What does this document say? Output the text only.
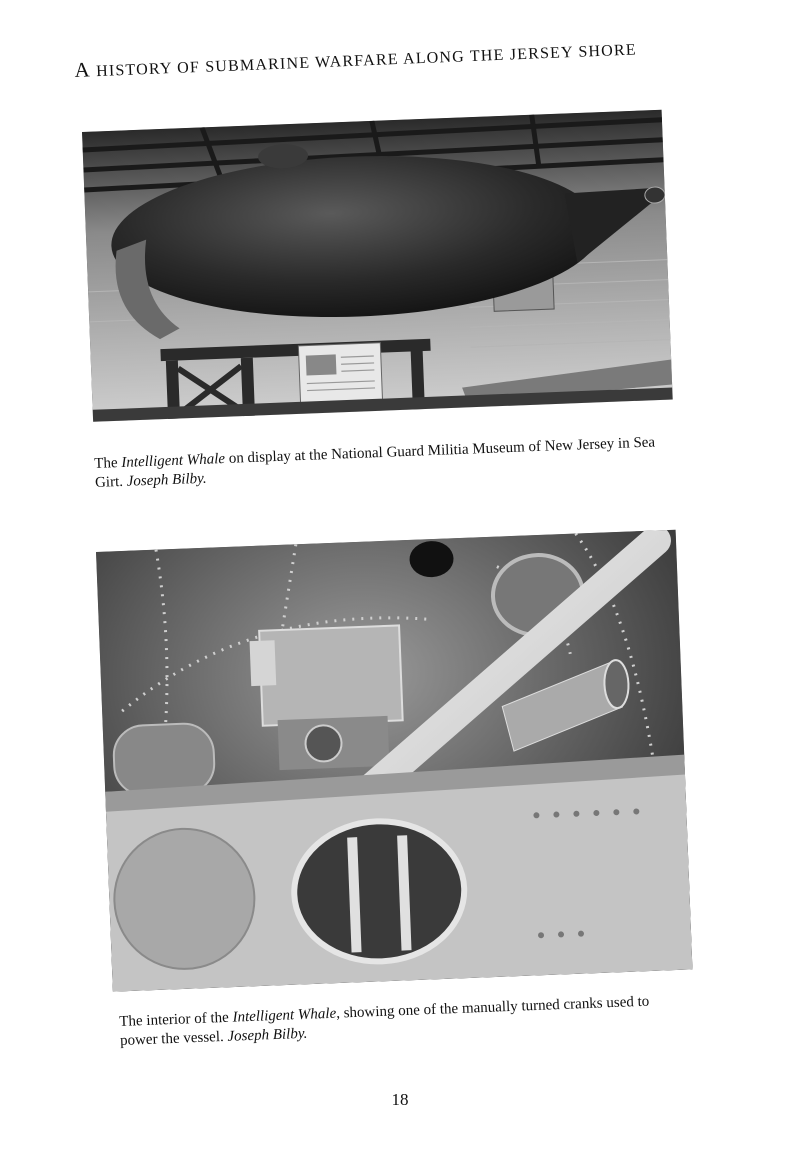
A HISTORY OF SUBMARINE WARFARE ALONG THE JERSEY SHORE
The Intelligent Whale on display at the National Guard Militia Museum of New Jersey in Sea Girt. Joseph Bilby.
The interior of the Intelligent Whale, showing one of the manually turned cranks used to power the vessel. Joseph Bilby.
18
